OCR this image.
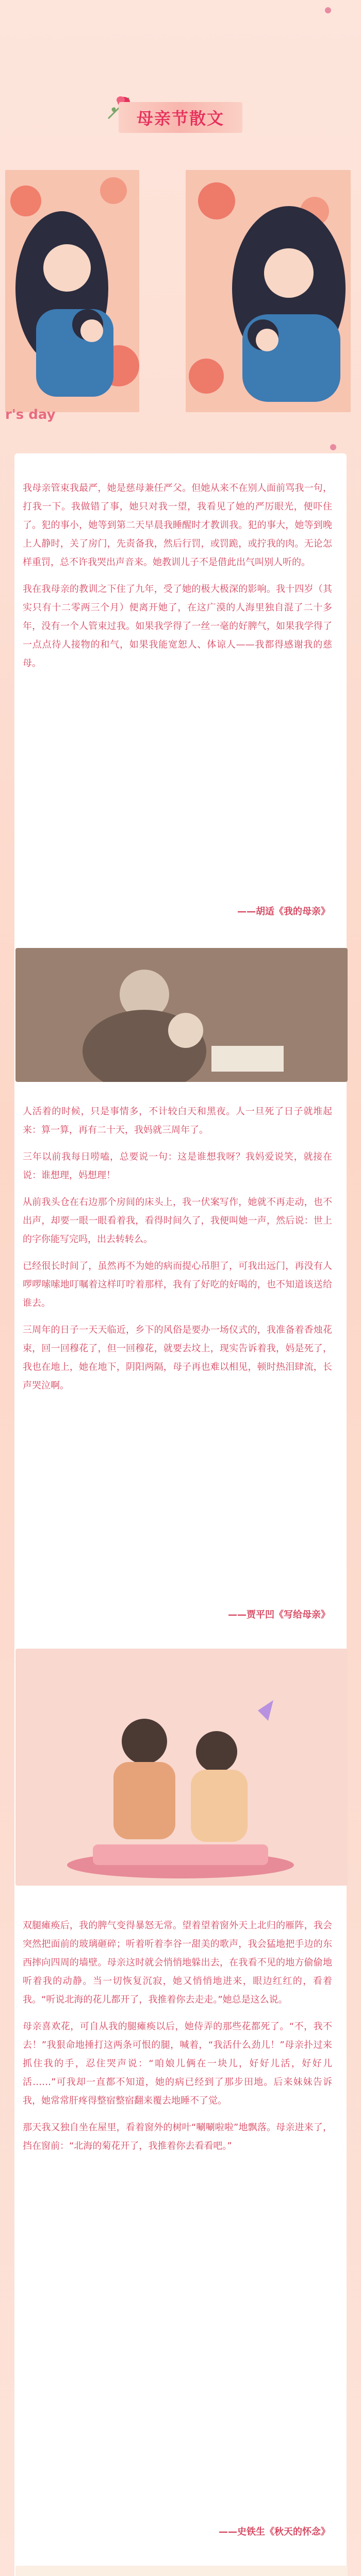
母亲节散文
r's day

我母亲管束我最严，她是慈母兼任严父。但她从来不在别人面前骂我一句，打我一下。我做错了事，她只对我一望，我看见了她的严厉眼光，便吓住了。犯的事小，她等到第二天早晨我睡醒时才教训我。犯的事大，她等到晚上人静时，关了房门，先责备我，然后行罚，或罚跪，或拧我的肉。无论怎样重罚，总不许我哭出声音来。她教训儿子不是借此出气叫别人听的。

我在我母亲的教训之下住了九年，受了她的极大极深的影响。我十四岁（其实只有十二零两三个月）便离开她了，在这广漠的人海里独自混了二十多年，没有一个人管束过我。如果我学得了一丝一毫的好脾气，如果我学得了一点点待人接物的和气，如果我能宽恕人、体谅人——我都得感谢我的慈母。

——胡适《我的母亲》

人活着的时候，只是事情多，不计较白天和黑夜。人一旦死了日子就堆起来：算一算，再有二十天，我妈就三周年了。

三年以前我每日唠嗑，总要说一句：这是谁想我呀？我妈爱说笑，就接在说：谁想理，妈想理！

从前我头仓在右边那个房间的床头上，我一伏案写作，她就不再走动，也不出声，却要一眼一眼看着我，看得时间久了，我便叫她一声，然后说：世上的字你能写完吗，出去转转么。

已经很长时间了，虽然再不为她的病而提心吊胆了，可我出远门，再没有人啰啰嗦嗦地叮嘱着这样叮咛着那样，我有了好吃的好喝的，也不知道该送给谁去。

三周年的日子一天天临近，乡下的风俗是要办一场仪式的，我准备着香烛花束，回一回穆花了，但一回穆花，就要去坟上，现实告诉着我，妈是死了，我也在地上，她在地下，阴阳两隔，母子再也难以相见，顿时热泪肆流，长声哭泣啊。

——贾平凹《写给母亲》

双腿瘫痪后，我的脾气变得暴怒无常。望着望着窗外天上北归的雁阵，我会突然把面前的玻璃砸碎；听着听着李谷一甜美的歌声，我会猛地把手边的东西摔向四周的墙壁。母亲这时就会悄悄地躲出去，在我看不见的地方偷偷地听着我的动静。当一切恢复沉寂，她又悄悄地进来，眼边红红的，看着我。“听说北海的花儿都开了，我推着你去走走。”她总是这么说。

母亲喜欢花，可自从我的腿瘫痪以后，她侍弄的那些花都死了。“不，我不去！”我狠命地捶打这两条可恨的腿，喊着，“我活什么劲儿！”母亲扑过来抓住我的手，忍住哭声说：“咱娘儿俩在一块儿，好好儿活，好好儿活……”可我却一直都不知道，她的病已经到了那步田地。后来妹妹告诉我，她常常肝疼得整宿整宿翻来覆去地睡不了觉。

那天我又独自坐在屋里，看着窗外的树叶“唰唰啦啦”地飘落。母亲进来了，挡在窗前：“北海的菊花开了，我推着你去看看吧。”

——史铁生《秋天的怀念》
